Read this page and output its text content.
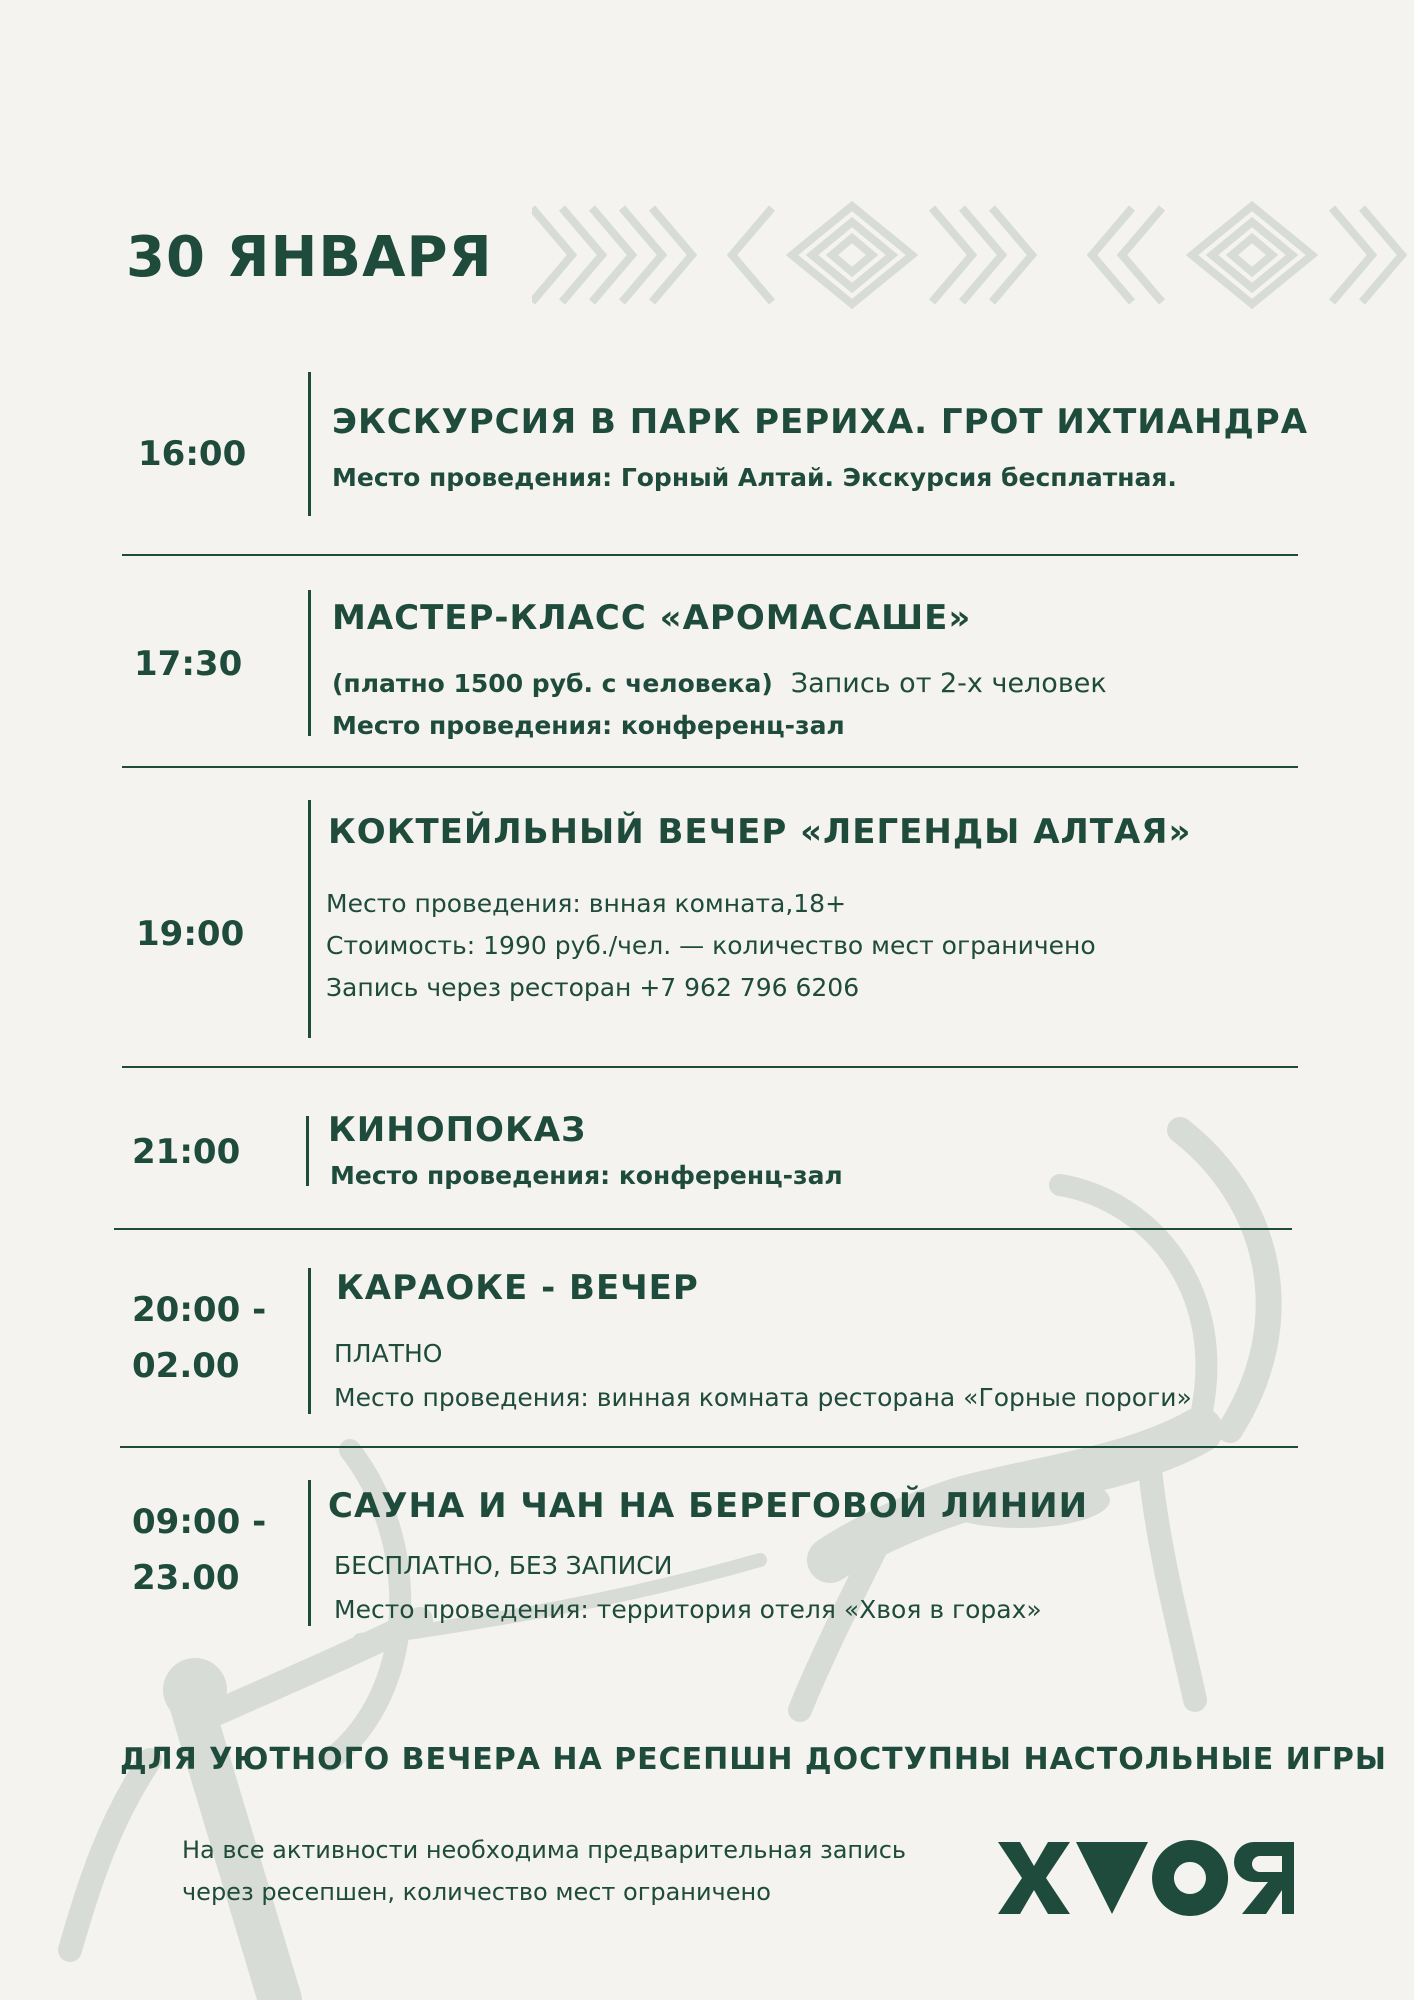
30 ЯНВАРЯ
16:00
ЭКСКУРСИЯ В ПАРК РЕРИХА. ГРОТ ИХТИАНДРА
Место проведения: Горный Алтай. Экскурсия бесплатная.
17:30
МАСТЕР-КЛАСС «АРОМАСАШЕ»
(платно 1500 руб. с человека) Запись от 2-х человек
Место проведения: конференц-зал
19:00
КОКТЕЙЛЬНЫЙ ВЕЧЕР «ЛЕГЕНДЫ АЛТАЯ»
Место проведения: внная комната,18+
Стоимость: 1990 руб./чел. — количество мест ограничено
Запись через ресторан +7 962 796 6206
21:00
КИНОПОКАЗ
Место проведения: конференц-зал
20:00 -
02.00
КАРАОКЕ - ВЕЧЕР
ПЛАТНО
Место проведения: винная комната ресторана «Горные пороги»
09:00 -
23.00
САУНА И ЧАН НА БЕРЕГОВОЙ ЛИНИИ
БЕСПЛАТНО, БЕЗ ЗАПИСИ
Место проведения: территория отеля «Хвоя в горах»
ДЛЯ УЮТНОГО ВЕЧЕРА НА РЕСЕПШН ДОСТУПНЫ НАСТОЛЬНЫЕ ИГРЫ
На все активности необходима предварительная запись
через ресепшен, количество мест ограничено
